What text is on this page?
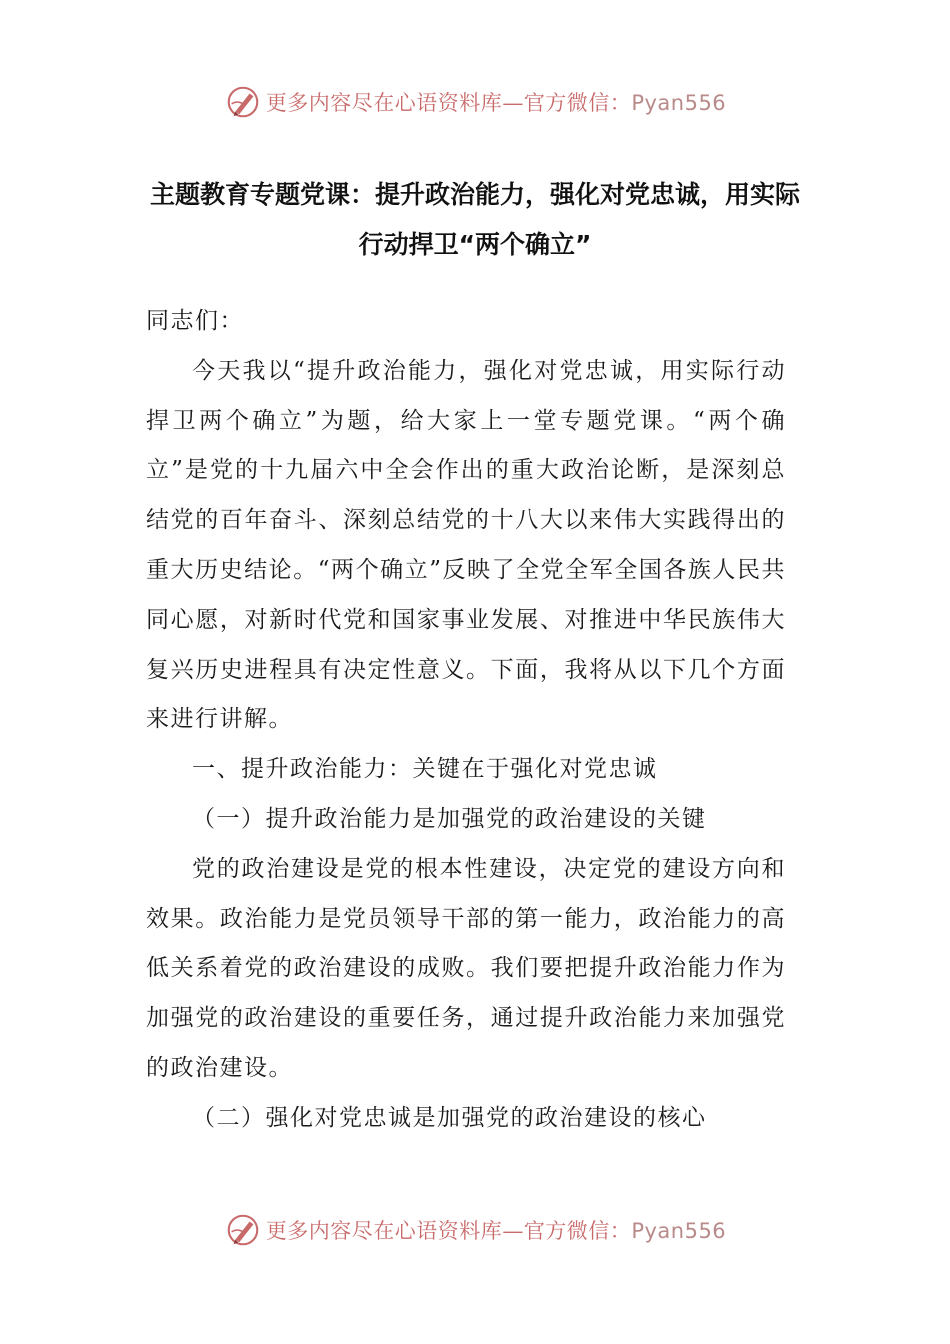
更多内容尽在心语资料库—官方微信：Pyan556
主题教育专题党课：提升政治能力，强化对党忠诚，用实际行动捍卫“两个确立”

同志们：

今天我以“提升政治能力，强化对党忠诚，用实际行动捍卫两个确立”为题，给大家上一堂专题党课。“两个确立”是党的十九届六中全会作出的重大政治论断，是深刻总结党的百年奋斗、深刻总结党的十八大以来伟大实践得出的重大历史结论。“两个确立”反映了全党全军全国各族人民共同心愿，对新时代党和国家事业发展、对推进中华民族伟大复兴历史进程具有决定性意义。下面，我将从以下几个方面来进行讲解。

一、提升政治能力：关键在于强化对党忠诚

（一）提升政治能力是加强党的政治建设的关键

党的政治建设是党的根本性建设，决定党的建设方向和效果。政治能力是党员领导干部的第一能力，政治能力的高低关系着党的政治建设的成败。我们要把提升政治能力作为加强党的政治建设的重要任务，通过提升政治能力来加强党的政治建设。

（二）强化对党忠诚是加强党的政治建设的核心

更多内容尽在心语资料库—官方微信：Pyan556
